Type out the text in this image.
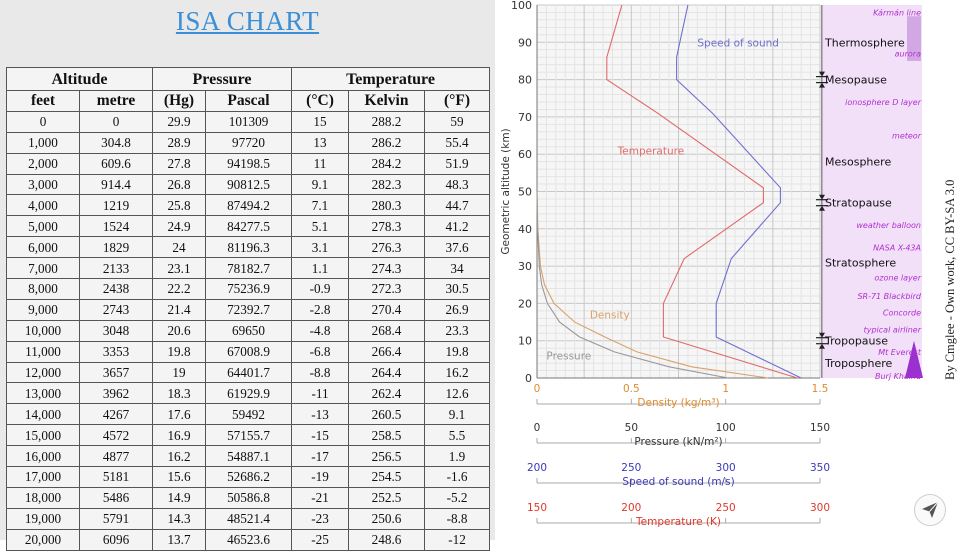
ISA CHART
Altitude		Pressure		Temperature		
feet	metre	(Hg)	Pascal	(°C)	Kelvin	(°F)
0	0	29.9	101309	15	288.2	59
1,000	304.8	28.9	97720	13	286.2	55.4
2,000	609.6	27.8	94198.5	11	284.2	51.9
3,000	914.4	26.8	90812.5	9.1	282.3	48.3
4,000	1219	25.8	87494.2	7.1	280.3	44.7
5,000	1524	24.9	84277.5	5.1	278.3	41.2
6,000	1829	24	81196.3	3.1	276.3	37.6
7,000	2133	23.1	78182.7	1.1	274.3	34
8,000	2438	22.2	75236.9	-0.9	272.3	30.5
9,000	2743	21.4	72392.7	-2.8	270.4	26.9
10,000	3048	20.6	69650	-4.8	268.4	23.3
11,000	3353	19.8	67008.9	-6.8	266.4	19.8
12,000	3657	19	64401.7	-8.8	264.4	16.2
13,000	3962	18.3	61929.9	-11	262.4	12.6
14,000	4267	17.6	59492	-13	260.5	9.1
15,000	4572	16.9	57155.7	-15	258.5	5.5
16,000	4877	16.2	54887.1	-17	256.5	1.9
17,000	5181	15.6	52686.2	-19	254.5	-1.6
18,000	5486	14.9	50586.8	-21	252.5	-5.2
19,000	5791	14.3	48521.4	-23	250.6	-8.8
20,000	6096	13.7	46523.6	-25	248.6	-12
0
10
20
30
40
50
60
70
80
90
100
Geometric altitude (km)
Thermosphere
Mesopause
Mesosphere
Stratopause
Stratosphere
Tropopause
Troposphere
Kármán line
aurora
ionosphere D layer
meteor
weather balloon
NASA X-43A
ozone layer
SR-71 Blackbird
Concorde
typical airliner
Mt Everest
Burj Khalifa
Temperature
Speed of sound
Density
Pressure
0	0.5	1	1.5
Density (kg/m³)
0	50	100	150
Pressure (kN/m²)
200	250	300	350
Speed of sound (m/s)
150	200	250	300
Temperature (K)
By Cmglee - Own work, CC BY-SA 3.0
